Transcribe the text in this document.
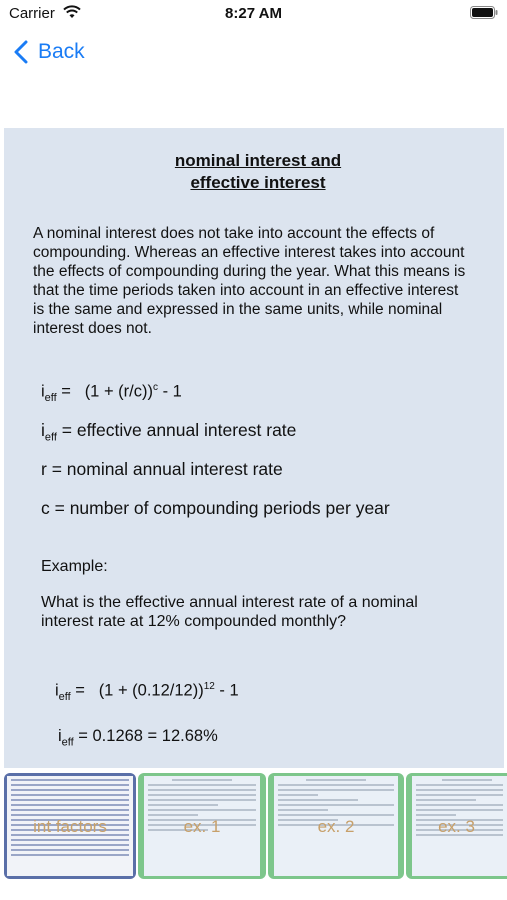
Carrier	8:27 AM
Back
nominal interest and
effective interest
A nominal interest does not take into account the effects of compounding. Whereas an effective interest takes into account the effects of compounding during the year. What this means is that the time periods taken into account in an effective interest is the same and expressed in the same units, while nominal interest does not.
$i_{eff} = (1 + (r/c))^c - 1$
$i_{eff}$ = effective annual interest rate
r = nominal annual interest rate
c = number of compounding periods per year
Example:
What is the effective annual interest rate of a nominal interest rate at 12% compounded monthly?
$i_{eff} = (1 + (0.12/12))^{12} - 1$
$i_{eff} = 0.1268 = 12.68\%$
int factors	ex. 1	ex. 2	ex. 3
